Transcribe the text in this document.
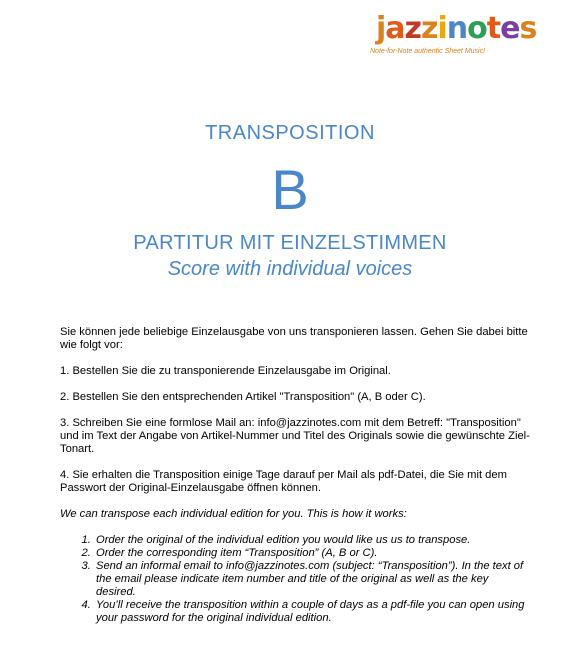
jazzinotes
Note-for-Note authentic Sheet Music!
TRANSPOSITION
B
PARTITUR MIT EINZELSTIMMEN
Score with individual voices

Sie können jede beliebige Einzelausgabe von uns transponieren lassen. Gehen Sie dabei bitte wie folgt vor:

1. Bestellen Sie die zu transponierende Einzelausgabe im Original.

2. Bestellen Sie den entsprechenden Artikel "Transposition" (A, B oder C).

3. Schreiben Sie eine formlose Mail an: info@jazzinotes.com mit dem Betreff: "Transposition" und im Text der Angabe von Artikel-Nummer und Titel des Originals sowie die gewünschte Ziel-Tonart.

4. Sie erhalten die Transposition einige Tage darauf per Mail als pdf-Datei, die Sie mit dem Passwort der Original-Einzelausgabe öffnen können.

We can transpose each individual edition for you. This is how it works:

1. Order the original of the individual edition you would like us us to transpose.
2. Order the corresponding item “Transposition” (A, B or C).
3. Send an informal email to info@jazzinotes.com (subject: “Transposition”). In the text of the email please indicate item number and title of the original as well as the key desired.
4. You’ll receive the transposition within a couple of days as a pdf-file you can open using your password for the original individual edition.
